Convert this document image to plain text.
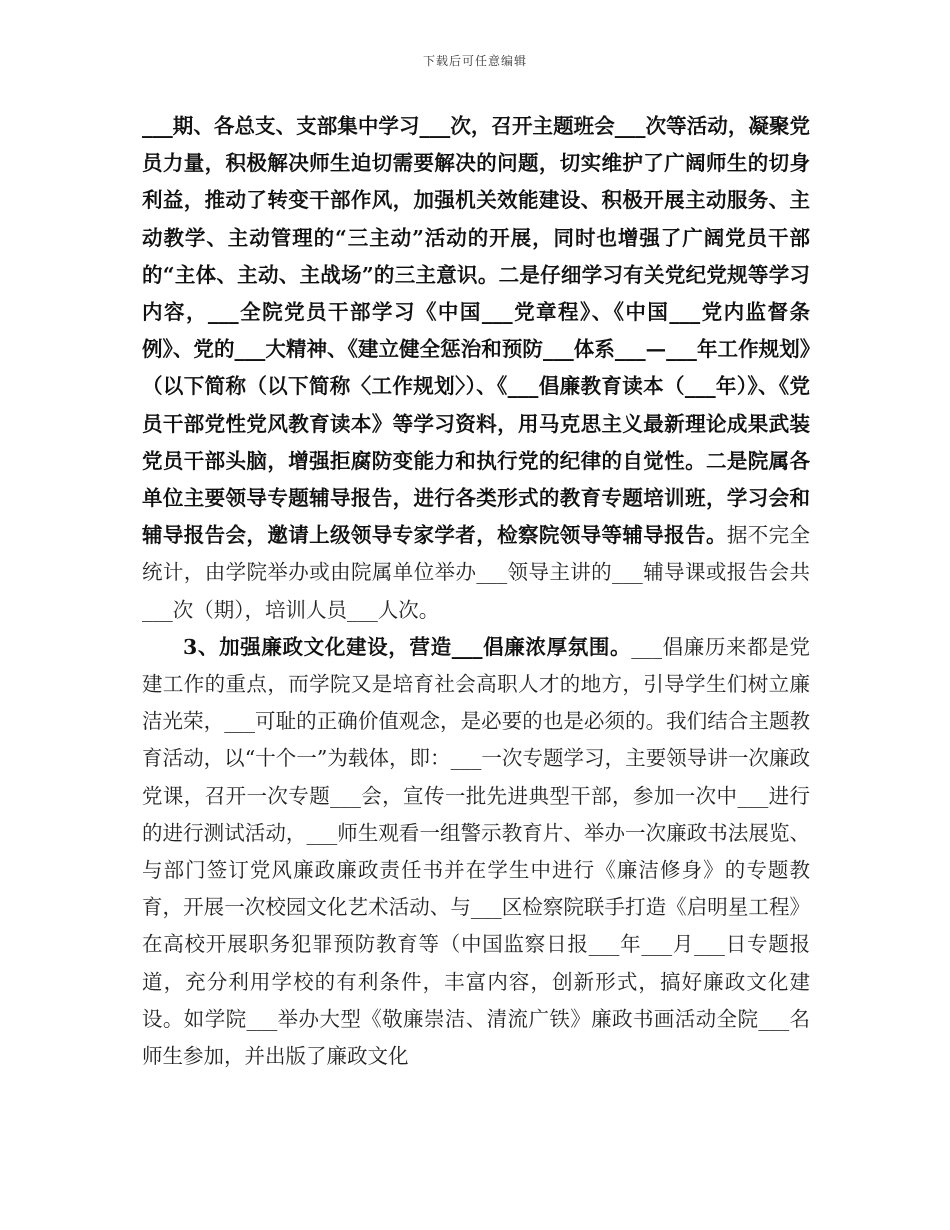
下载后可任意编辑

___期、各总支、支部集中学习___次，召开主题班会___次等活动，凝聚党员力量，积极解决师生迫切需要解决的问题，切实维护了广阔师生的切身利益，推动了转变干部作风，加强机关效能建设、积极开展主动服务、主动教学、主动管理的“三主动”活动的开展，同时也增强了广阔党员干部的“主体、主动、主战场”的三主意识。二是仔细学习有关党纪党规等学习内容，___全院党员干部学习《中国___党章程》、《中国___党内监督条例》、党的___大精神、《建立健全惩治和预防___体系___—___年工作规划》（以下简称（以下简称〈工作规划〉）、《___倡廉教育读本（___年）》、《党员干部党性党风教育读本》等学习资料，用马克思主义最新理论成果武装党员干部头脑，增强拒腐防变能力和执行党的纪律的自觉性。二是院属各单位主要领导专题辅导报告，进行各类形式的教育专题培训班，学习会和辅导报告会，邀请上级领导专家学者，检察院领导等辅导报告。据不完全统计，由学院举办或由院属单位举办___领导主讲的___辅导课或报告会共___次（期），培训人员___人次。

3、加强廉政文化建设，营造___倡廉浓厚氛围。___倡廉历来都是党建工作的重点，而学院又是培育社会高职人才的地方，引导学生们树立廉洁光荣，___可耻的正确价值观念，是必要的也是必须的。我们结合主题教育活动，以“十个一”为载体，即：___一次专题学习，主要领导讲一次廉政党课，召开一次专题___会，宣传一批先进典型干部，参加一次中___进行的进行测试活动，___师生观看一组警示教育片、举办一次廉政书法展览、与部门签订党风廉政廉政责任书并在学生中进行《廉洁修身》的专题教育，开展一次校园文化艺术活动、与___区检察院联手打造《启明星工程》在高校开展职务犯罪预防教育等（中国监察日报___年___月___日专题报道，充分利用学校的有利条件，丰富内容，创新形式，搞好廉政文化建设。如学院___举办大型《敬廉崇洁、清流广铁》廉政书画活动全院___名师生参加，并出版了廉政文化
